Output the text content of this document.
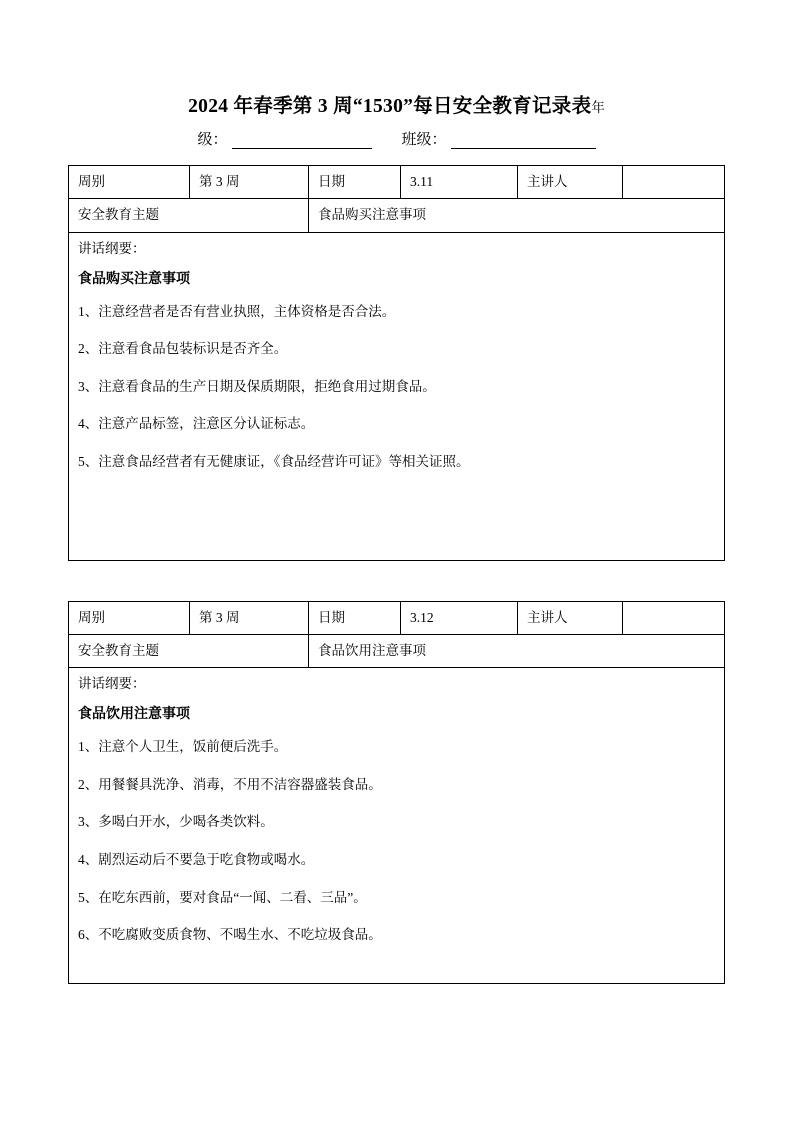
2024 年春季第 3 周“1530”每日安全教育记录表年
级：	班级：
周别	第 3 周	日期	3.11	主讲人	
安全教育主题		食品购买注意事项			

讲话纲要：

食品购买注意事项

1、注意经营者是否有营业执照，主体资格是否合法。

2、注意看食品包装标识是否齐全。

3、注意看食品的生产日期及保质期限，拒绝食用过期食品。

4、注意产品标签，注意区分认证标志。

5、注意食品经营者有无健康证，《食品经营许可证》等相关证照。

周别	第 3 周	日期	3.12	主讲人	
安全教育主题		食品饮用注意事项			

讲话纲要：

食品饮用注意事项

1、注意个人卫生，饭前便后洗手。

2、用餐餐具洗净、消毒，不用不洁容器盛装食品。

3、多喝白开水，少喝各类饮料。

4、剧烈运动后不要急于吃食物或喝水。

5、在吃东西前，要对食品“一闻、二看、三品”。

6、不吃腐败变质食物、不喝生水、不吃垃圾食品。
